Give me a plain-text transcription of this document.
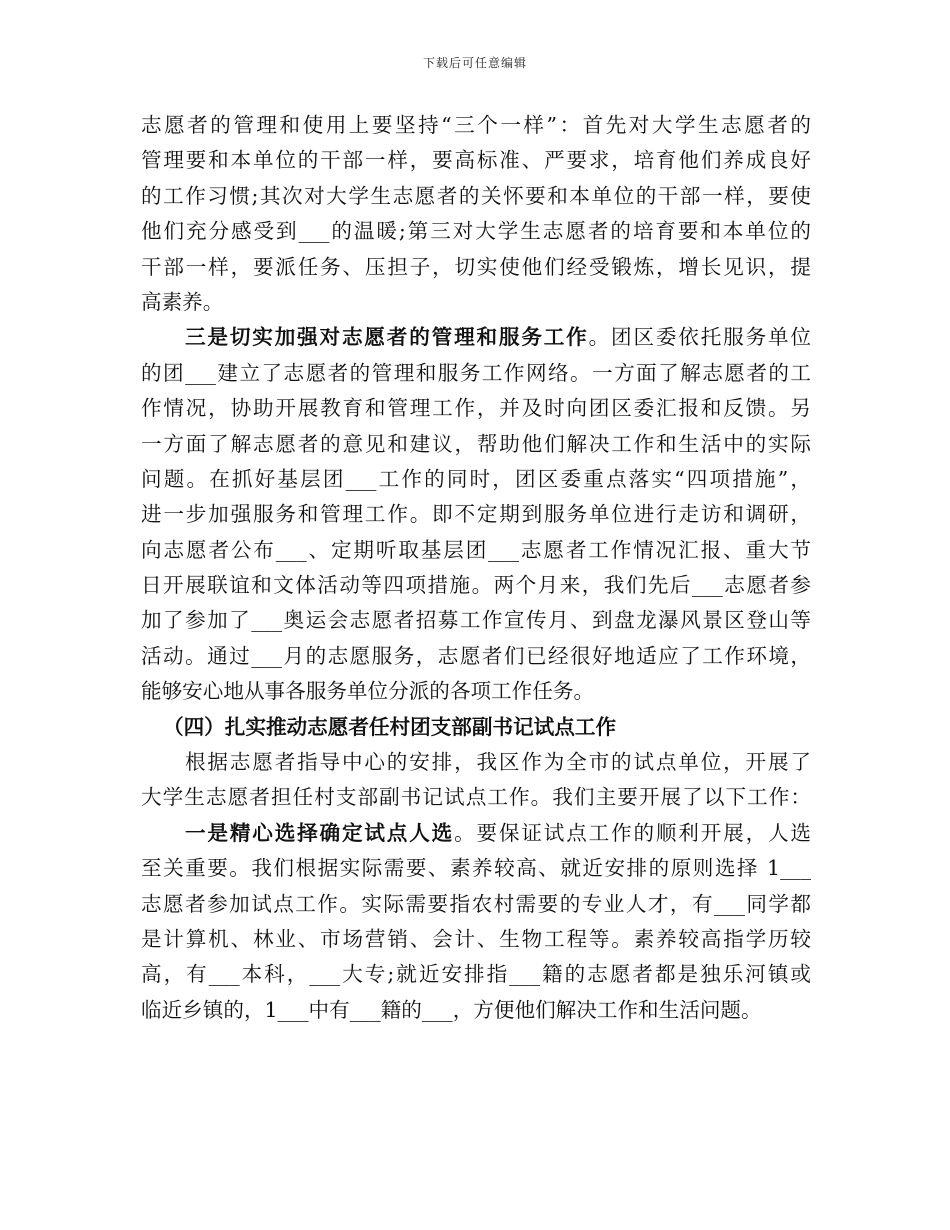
下载后可任意编辑
志愿者的管理和使用上要坚持“三个一样”：首先对大学生志愿者的
管理要和本单位的干部一样，要高标准、严要求，培育他们养成良好
的工作习惯;其次对大学生志愿者的关怀要和本单位的干部一样，要使
他们充分感受到___的温暖;第三对大学生志愿者的培育要和本单位的
干部一样，要派任务、压担子，切实使他们经受锻炼，增长见识，提
高素养。
三是切实加强对志愿者的管理和服务工作。团区委依托服务单位
的团___建立了志愿者的管理和服务工作网络。一方面了解志愿者的工
作情况，协助开展教育和管理工作，并及时向团区委汇报和反馈。另
一方面了解志愿者的意见和建议，帮助他们解决工作和生活中的实际
问题。在抓好基层团___工作的同时，团区委重点落实“四项措施”，
进一步加强服务和管理工作。即不定期到服务单位进行走访和调研，
向志愿者公布___、定期听取基层团___志愿者工作情况汇报、重大节
日开展联谊和文体活动等四项措施。两个月来，我们先后___志愿者参
加了参加了___奥运会志愿者招募工作宣传月、到盘龙瀑风景区登山等
活动。通过___月的志愿服务，志愿者们已经很好地适应了工作环境，
能够安心地从事各服务单位分派的各项工作任务。
（四）扎实推动志愿者任村团支部副书记试点工作
根据志愿者指导中心的安排，我区作为全市的试点单位，开展了
大学生志愿者担任村支部副书记试点工作。我们主要开展了以下工作：
一是精心选择确定试点人选。要保证试点工作的顺利开展，人选
至关重要。我们根据实际需要、素养较高、就近安排的原则选择 1___
志愿者参加试点工作。实际需要指农村需要的专业人才，有___同学都
是计算机、林业、市场营销、会计、生物工程等。素养较高指学历较
高，有___本科，___大专;就近安排指___籍的志愿者都是独乐河镇或
临近乡镇的，1___中有___籍的___，方便他们解决工作和生活问题。
